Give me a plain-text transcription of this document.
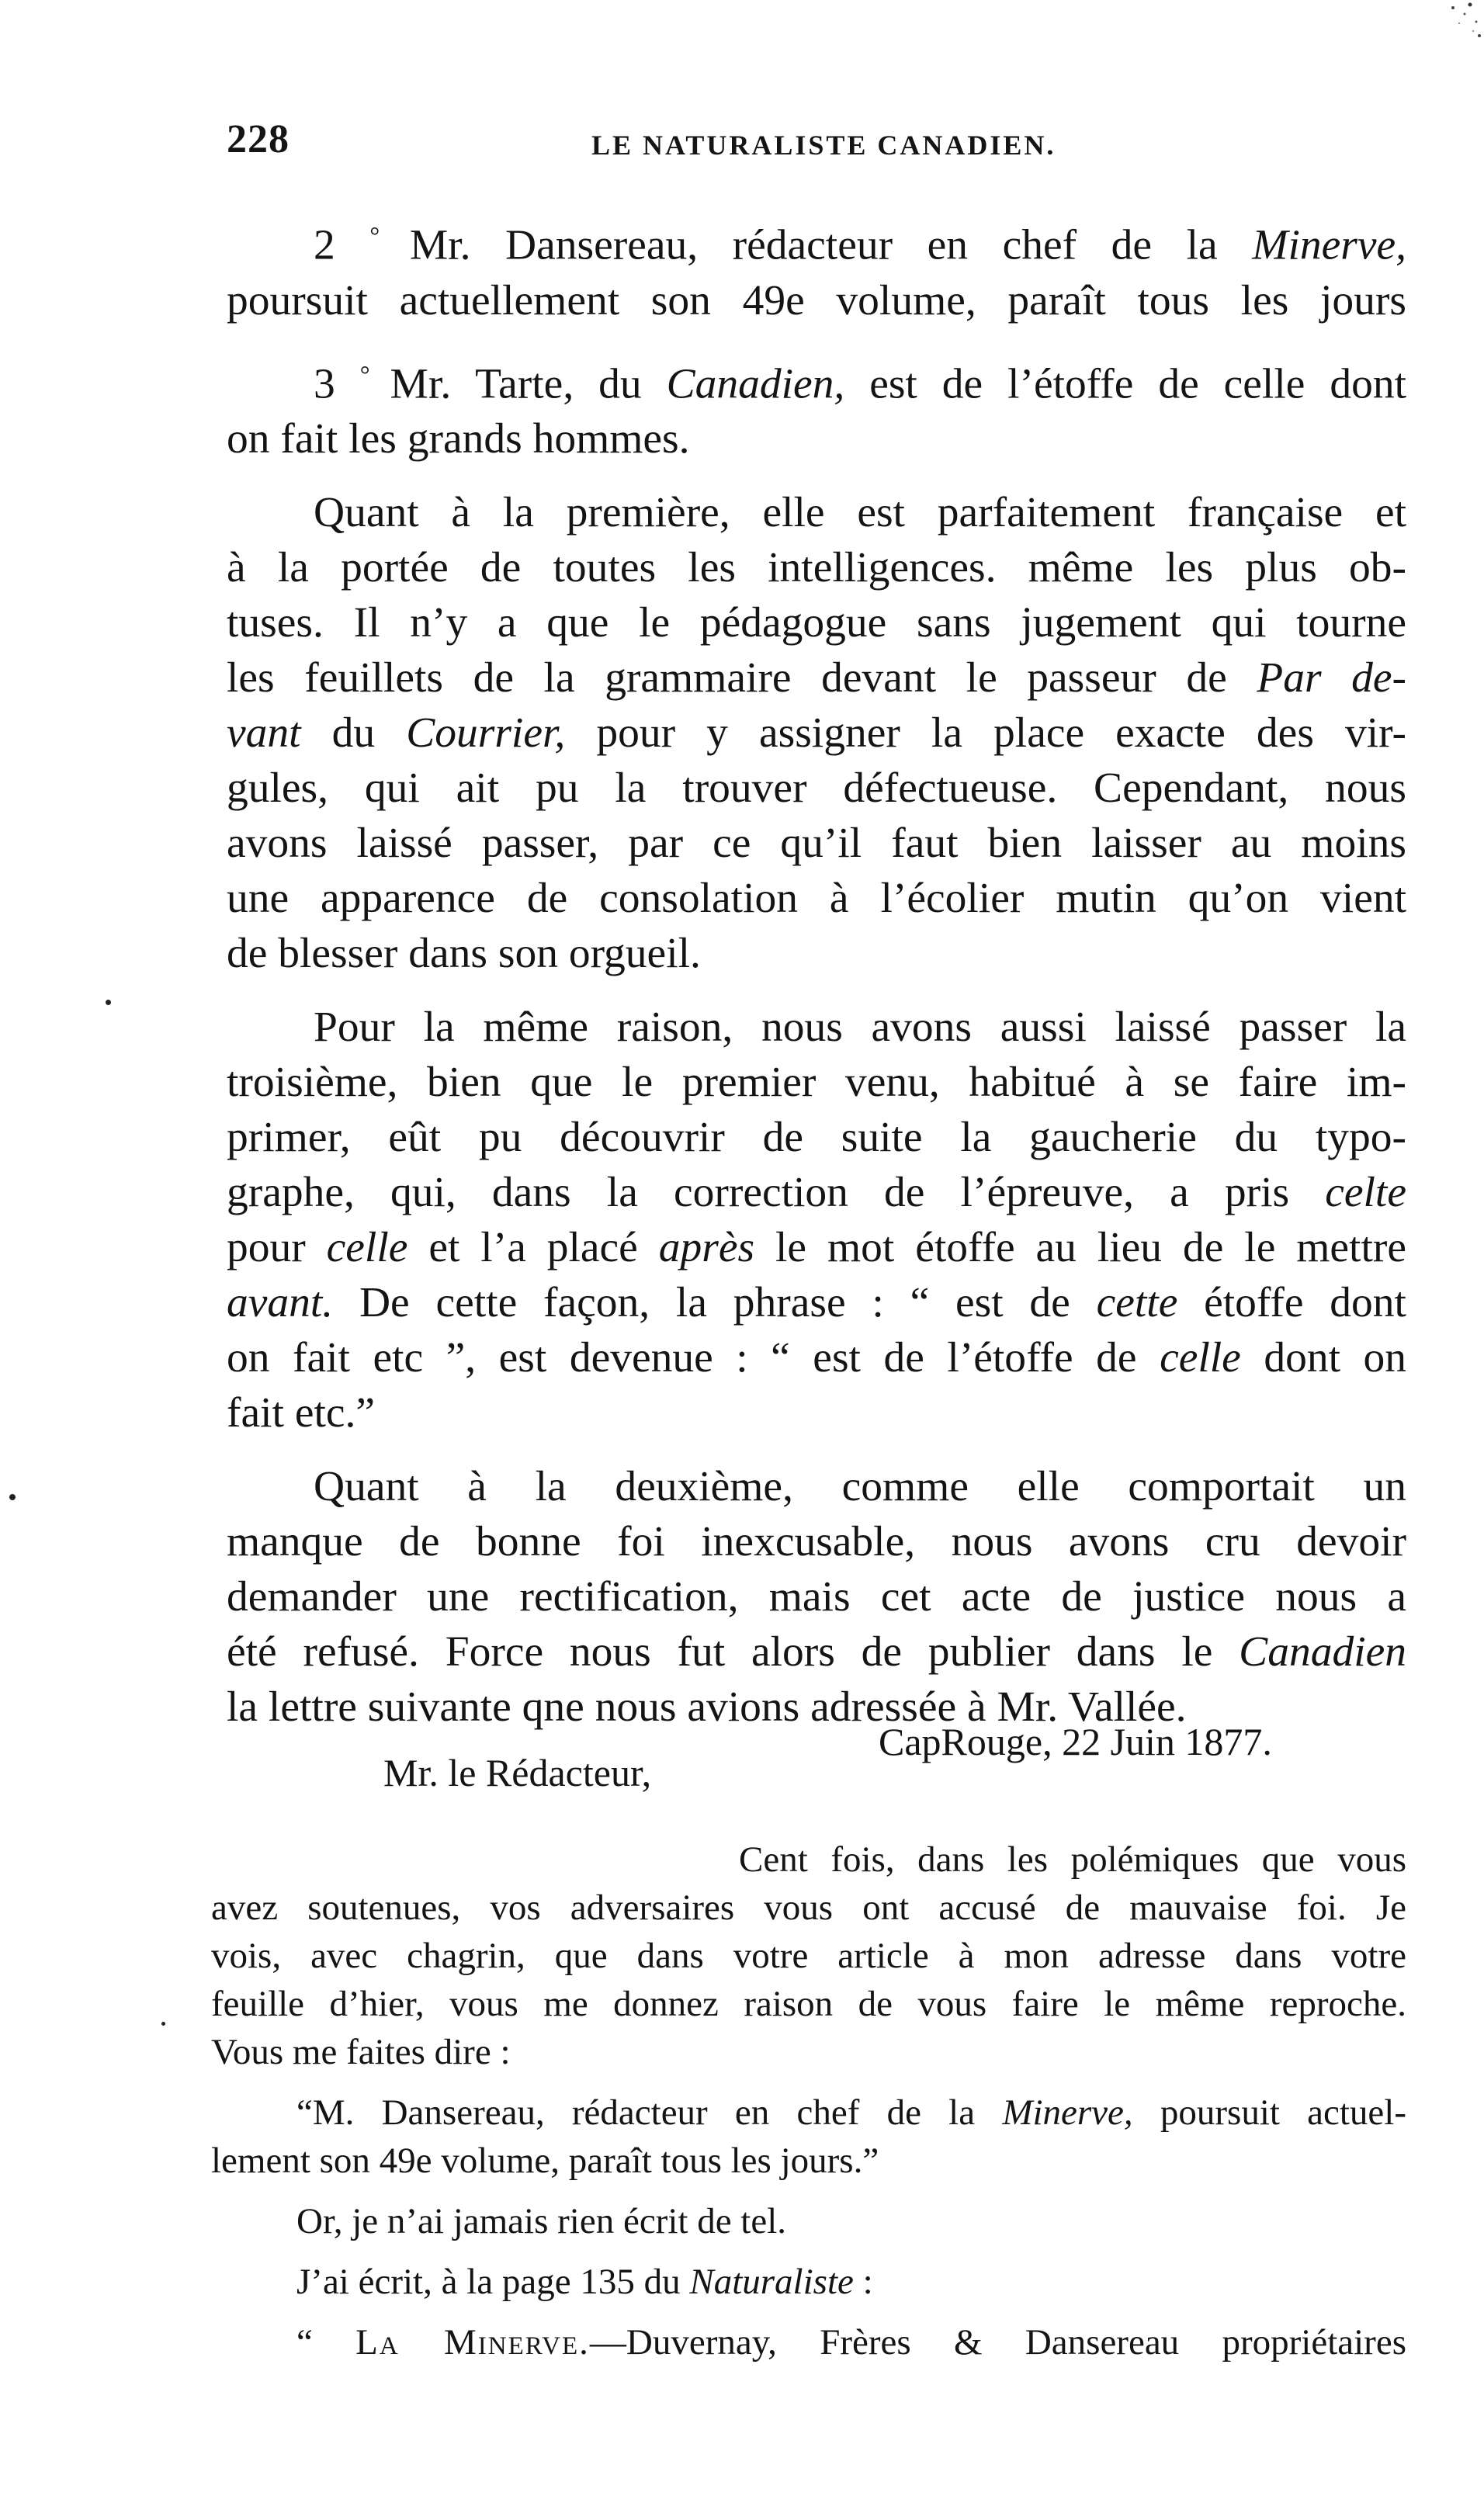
228	LE NATURALISTE CANADIEN.
2 ° Mr. Dansereau, rédacteur en chef de la Minerve,
poursuit actuellement son 49e volume, paraît tous les jours
3 ° Mr. Tarte, du Canadien, est de l’étoffe de celle dont
on fait les grands hommes.
Quant à la première, elle est parfaitement française et
à la portée de toutes les intelligences. même les plus ob-
tuses. Il n’y a que le pédagogue sans jugement qui tourne
les feuillets de la grammaire devant le passeur de Par de-
vant du Courrier, pour y assigner la place exacte des vir-
gules, qui ait pu la trouver défectueuse. Cependant, nous
avons laissé passer, par ce qu’il faut bien laisser au moins
une apparence de consolation à l’écolier mutin qu’on vient
de blesser dans son orgueil.
Pour la même raison, nous avons aussi laissé passer la
troisième, bien que le premier venu, habitué à se faire im-
primer, eût pu découvrir de suite la gaucherie du typo-
graphe, qui, dans la correction de l’épreuve, a pris celte
pour celle et l’a placé après le mot étoffe au lieu de le mettre
avant. De cette façon, la phrase : “ est de cette étoffe dont
on fait etc ”, est devenue : “ est de l’étoffe de celle dont on
fait etc.”
Quant à la deuxième, comme elle comportait un
manque de bonne foi inexcusable, nous avons cru devoir
demander une rectification, mais cet acte de justice nous a
été refusé. Force nous fut alors de publier dans le Canadien
la lettre suivante qne nous avions adressée à Mr. Vallée.
CapRouge, 22 Juin 1877.
Mr. le Rédacteur,
Cent fois, dans les polémiques que vous
avez soutenues, vos adversaires vous ont accusé de mauvaise foi. Je
vois, avec chagrin, que dans votre article à mon adresse dans votre
feuille d’hier, vous me donnez raison de vous faire le même reproche.
Vous me faites dire :
“M. Dansereau, rédacteur en chef de la Minerve, poursuit actuel-
lement son 49e volume, paraît tous les jours.”
Or, je n’ai jamais rien écrit de tel.
J’ai écrit, à la page 135 du Naturaliste :
“ La Minerve.—Duvernay, Frères & Dansereau propriétaires
